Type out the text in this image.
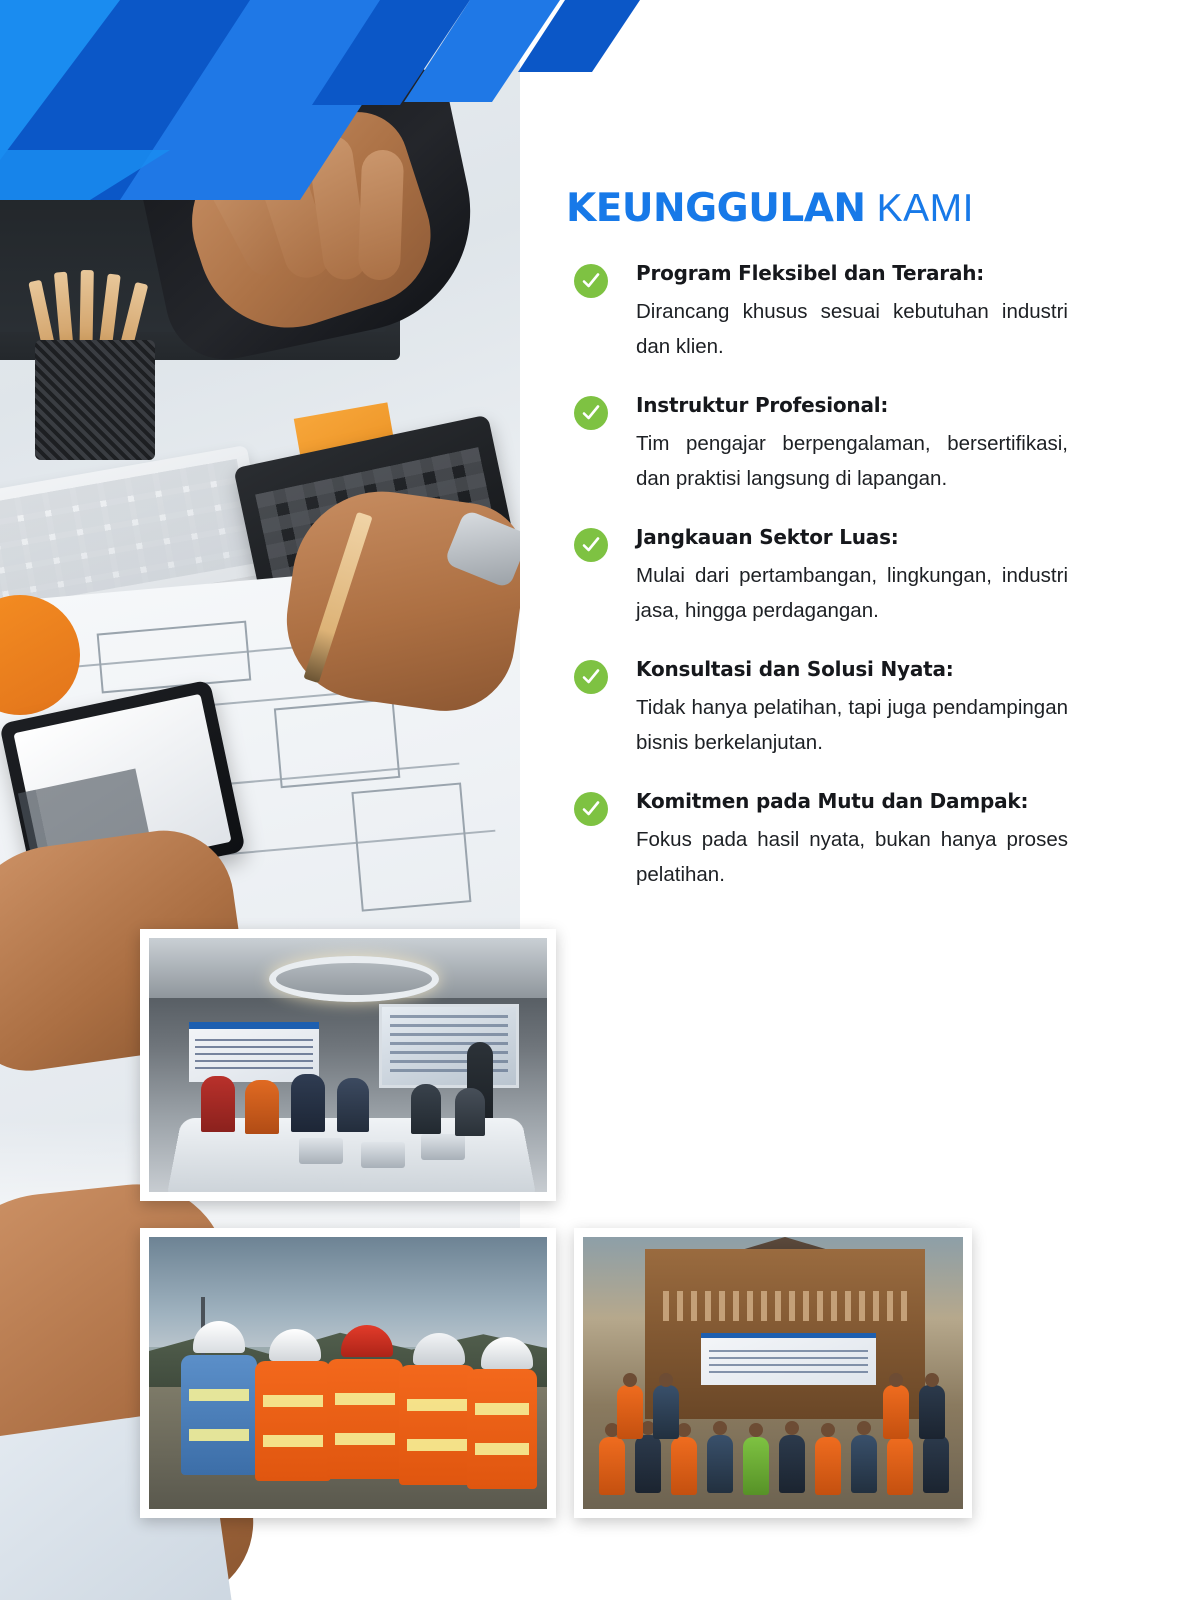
KEUNGGULAN KAMI
Program Fleksibel dan Terarah:
Dirancang khusus sesuai kebutuhan industri dan klien.
Instruktur Profesional:
Tim pengajar berpengalaman, bersertifikasi, dan praktisi langsung di lapangan.
Jangkauan Sektor Luas:
Mulai dari pertambangan, lingkungan, industri jasa, hingga perdagangan.
Konsultasi dan Solusi Nyata:
Tidak hanya pelatihan, tapi juga pendampingan bisnis berkelanjutan.
Komitmen pada Mutu dan Dampak:
Fokus pada hasil nyata, bukan hanya proses pelatihan.
